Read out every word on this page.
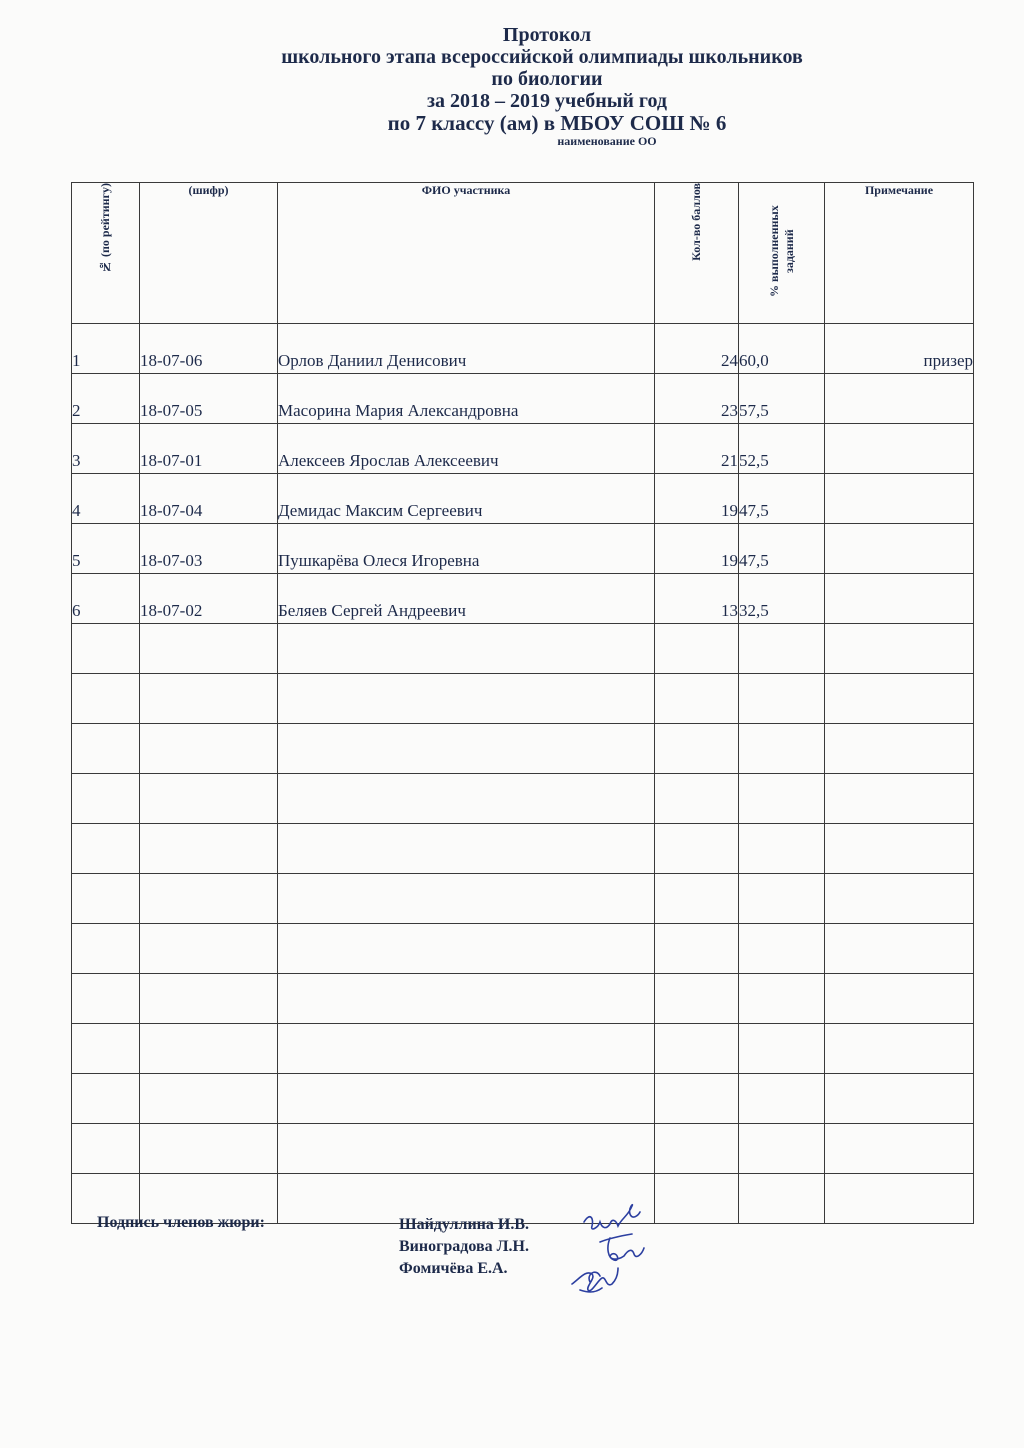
Протокол
школьного этапа всероссийской олимпиады школьников
по биологии
за 2018 – 2019 учебный год
по 7 классу (ам) в МБОУ СОШ № 6
наименование ОО
№ (по рейтингу)	(шифр)	ФИО участника	Кол-во баллов	% выполненных заданий	Примечание
1	18-07-06	Орлов Даниил Денисович	24	60,0	призер
2	18-07-05	Масорина Мария Александровна	23	57,5	
3	18-07-01	Алексеев Ярослав Алексеевич	21	52,5	
4	18-07-04	Демидас Максим Сергеевич	19	47,5	
5	18-07-03	Пушкарёва Олеся Игоревна	19	47,5	
6	18-07-02	Беляев Сергей Андреевич	13	32,5	

Подпись членов жюри:	Шайдуллина И.В.
Виноградова Л.Н.
Фомичёва Е.А.
